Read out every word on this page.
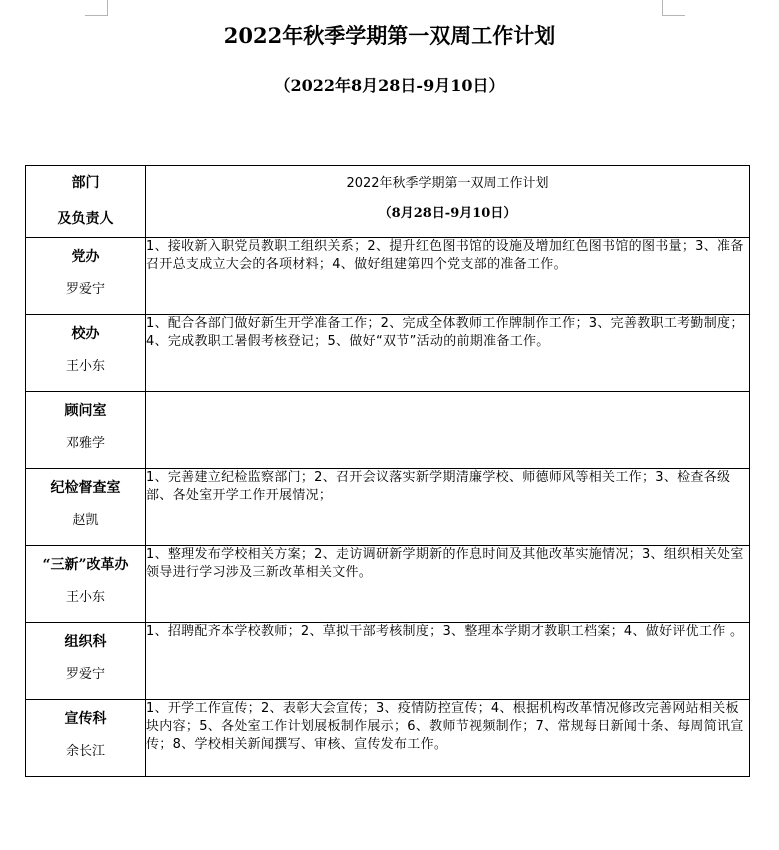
2022年秋季学期第一双周工作计划
（2022年8月28日-9月10日）
部门
及负责人	2022年秋季学期第一双周工作计划
（8月28日-9月10日）

党办
罗爱宁	1、接收新入职党员教职工组织关系；2、提升红色图书馆的设施及增加红色图书馆的图书量；3、准备召开总支成立大会的各项材料；4、做好组建第四个党支部的准备工作。

校办
王小东	1、配合各部门做好新生开学准备工作；2、完成全体教师工作牌制作工作；3、完善教职工考勤制度；4、完成教职工暑假考核登记；5、做好“双节”活动的前期准备工作。

顾问室
邓雅学	

纪检督查室
赵凯	1、完善建立纪检监察部门；2、召开会议落实新学期清廉学校、师德师风等相关工作；3、检查各级部、各处室开学工作开展情况；

“三新”改革办
王小东	1、整理发布学校相关方案；2、走访调研新学期新的作息时间及其他改革实施情况；3、组织相关处室领导进行学习涉及三新改革相关文件。

组织科
罗爱宁	1、招聘配齐本学校教师；2、草拟干部考核制度；3、整理本学期才教职工档案；4、做好评优工作 。

宣传科
余长江	1、开学工作宣传；2、表彰大会宣传；3、疫情防控宣传；4、根据机构改革情况修改完善网站相关板块内容；5、各处室工作计划展板制作展示；6、教师节视频制作；7、常规每日新闻十条、每周简讯宣传；8、学校相关新闻撰写、审核、宣传发布工作。
